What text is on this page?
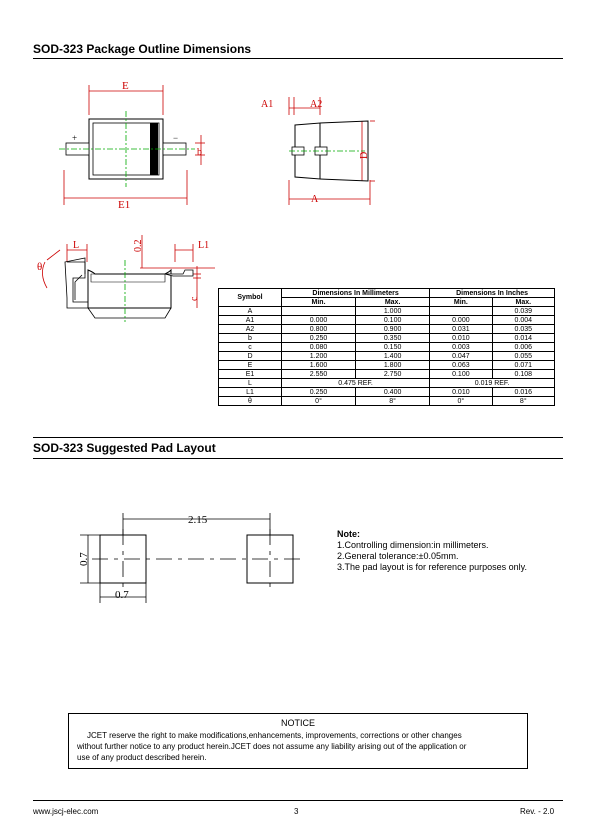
SOD-323 Package Outline Dimensions
E
E1
b
+	−
A1	A2
A
D
L	L1
0.2
c
θ
Symbol	Dimensions In Millimeters		Dimensions In Inches	
	Min.	Max.	Min.	Max.
A		1.000		0.039
A1	0.000	0.100	0.000	0.004
A2	0.800	0.900	0.031	0.035
b	0.250	0.350	0.010	0.014
c	0.080	0.150	0.003	0.006
D	1.200	1.400	0.047	0.055
E	1.600	1.800	0.063	0.071
E1	2.550	2.750	0.100	0.108
L	0.475 REF.		0.019 REF.	
L1	0.250	0.400	0.010	0.016
θ	0°	8°	0°	8°
SOD-323 Suggested Pad Layout
2.15
0.7
0.7
Note:
1.Controlling dimension:in millimeters.
2.General tolerance:±0.05mm.
3.The pad layout is for reference purposes only.
NOTICE
JCET reserve the right to make modifications,enhancements, improvements, corrections or other changes
without further notice to any product herein.JCET does not assume any liability arising out of the application or
use of any product described herein.
www.jscj-elec.com	3	Rev. - 2.0
